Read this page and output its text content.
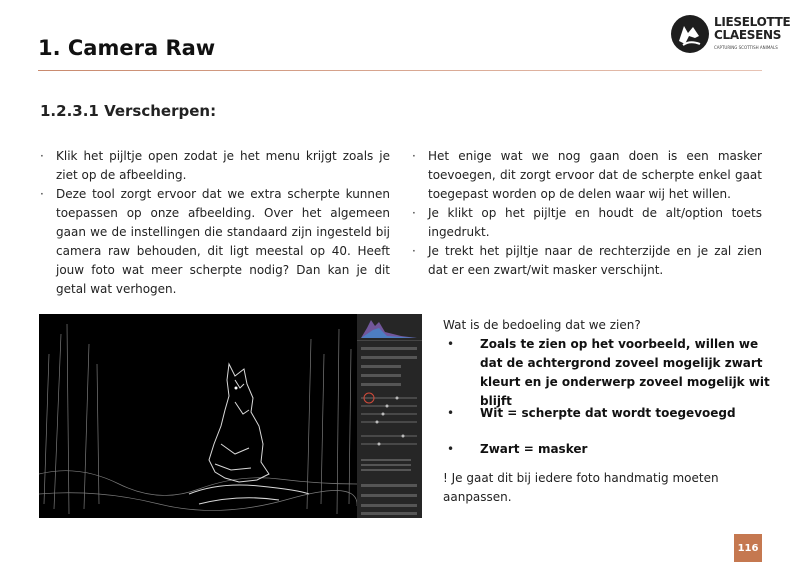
1. Camera Raw
LIESELOTTE
CLAESENS
CAPTURING SCOTTISH ANIMALS
1.2.3.1 Verscherpen:
· Klik het pijltje open zodat je het menu krijgt zoals je ziet op de afbeelding.
· Deze tool zorgt ervoor dat we extra scherpte kunnen toepassen op onze afbeelding. Over het algemeen gaan we de instellingen die standaard zijn ingesteld bij camera raw behouden, dit ligt meestal op 40. Heeft jouw foto wat meer scherpte nodig? Dan kan je dit getal wat verhogen.
· Het enige wat we nog gaan doen is een masker toevoegen, dit zorgt ervoor dat de scherpte enkel gaat toegepast worden op de delen waar wij het willen.
· Je klikt op het pijltje en houdt de alt/option toets ingedrukt.
· Je trekt het pijltje naar de rechterzijde en je zal zien dat er een zwart/wit masker verschijnt.
Wat is de bedoeling dat we zien?
• Zoals te zien op het voorbeeld, willen we dat de achtergrond zoveel mogelijk zwart kleurt en je onderwerp zoveel mogelijk wit blijft
• Wit = scherpte dat wordt toegevoegd
• Zwart = masker
! Je gaat dit bij iedere foto handmatig moeten aanpassen.
116
